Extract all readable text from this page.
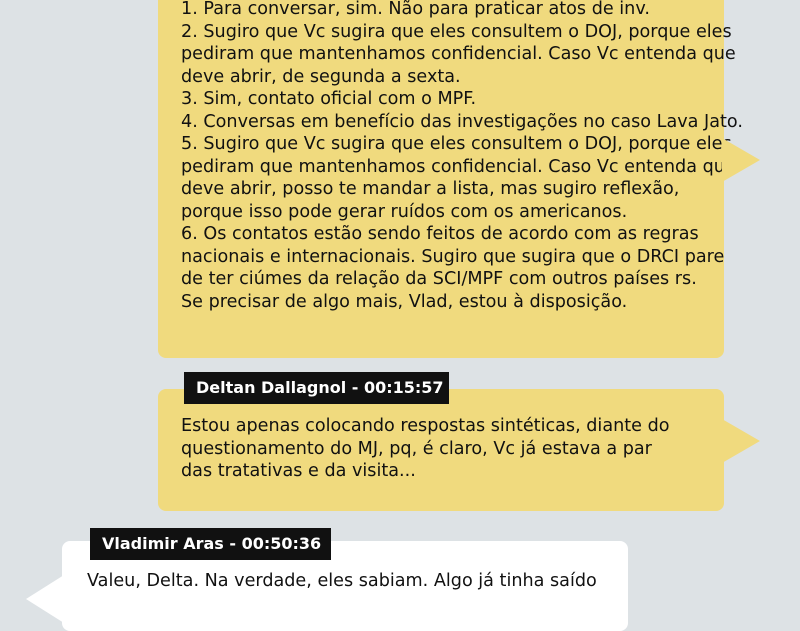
1. Para conversar, sim. Não para praticar atos de inv.
2. Sugiro que Vc sugira que eles consultem o DOJ, porque eles
pediram que mantenhamos confidencial. Caso Vc entenda que
deve abrir, de segunda a sexta.
3. Sim, contato oficial com o MPF.
4. Conversas em benefício das investigações no caso Lava Jato.
5. Sugiro que Vc sugira que eles consultem o DOJ, porque eles
pediram que mantenhamos confidencial. Caso Vc entenda que
deve abrir, posso te mandar a lista, mas sugiro reflexão,
porque isso pode gerar ruídos com os americanos.
6. Os contatos estão sendo feitos de acordo com as regras
nacionais e internacionais. Sugiro que sugira que o DRCI pare
de ter ciúmes da relação da SCI/MPF com outros países rs.
Se precisar de algo mais, Vlad, estou à disposição.
Estou apenas colocando respostas sintéticas, diante do
questionamento do MJ, pq, é claro, Vc já estava a par
das tratativas e da visita...
Deltan Dallagnol - 00:15:57
Valeu, Delta. Na verdade, eles sabiam. Algo já tinha saído
Vladimir Aras - 00:50:36
